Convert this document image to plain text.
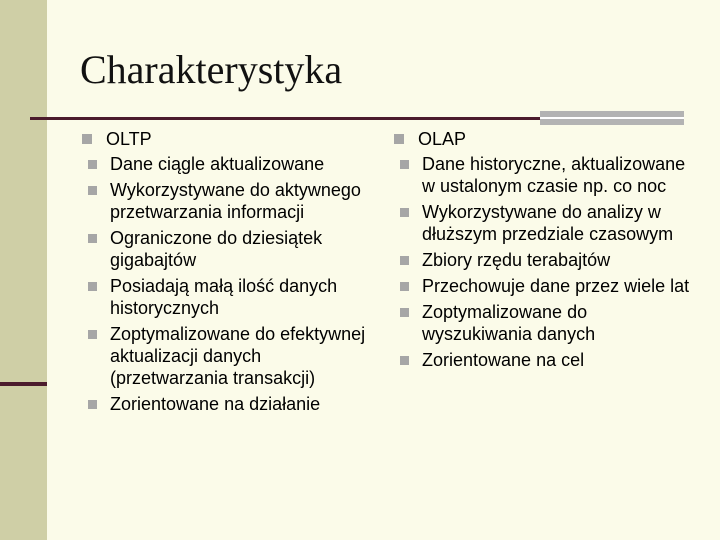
Charakterystyka
OLTP
Dane ciągle aktualizowane
Wykorzystywane do aktywnego przetwarzania informacji
Ograniczone do dziesiątek gigabajtów
Posiadają małą ilość danych historycznych
Zoptymalizowane do efektywnej aktualizacji danych (przetwarzania transakcji)
Zorientowane na działanie
OLAP
Dane historyczne, aktualizowane w ustalonym czasie np. co noc
Wykorzystywane do analizy w dłuższym przedziale czasowym
Zbiory rzędu terabajtów
Przechowuje dane przez wiele lat
Zoptymalizowane do wyszukiwania danych
Zorientowane na cel
